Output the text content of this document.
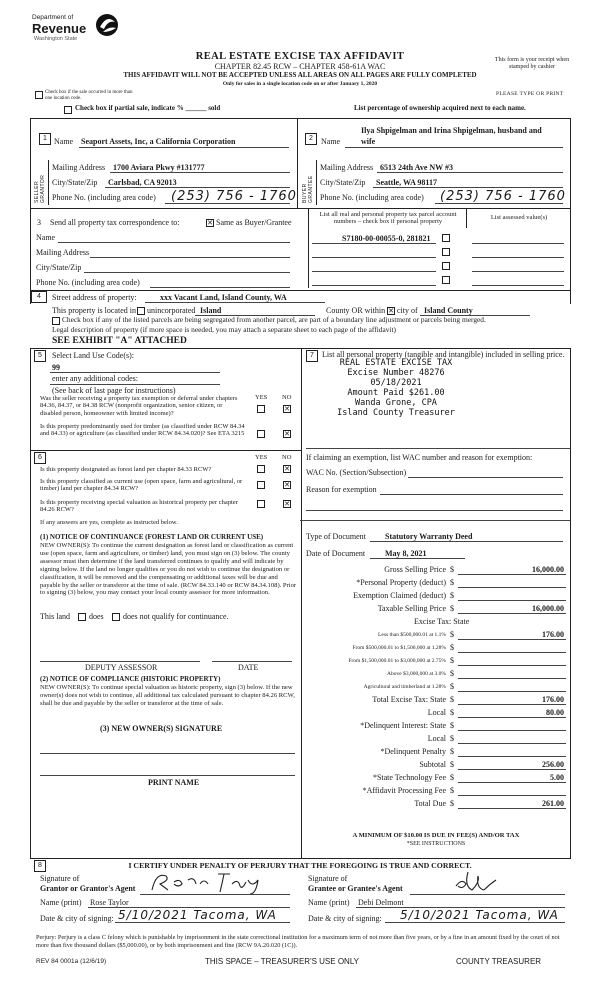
Department of
Revenue
Washington State
REAL ESTATE EXCISE TAX AFFIDAVIT
CHAPTER 82.45 RCW – CHAPTER 458-61A WAC
THIS AFFIDAVIT WILL NOT BE ACCEPTED UNLESS ALL AREAS ON ALL PAGES ARE FULLY COMPLETED
Only for sales in a single location code on or after January 1, 2020
This form is your receipt when stamped by cashier
PLEASE TYPE OR PRINT
Check box if the sale occurred in more than one location code.
Check box if partial sale, indicate % ______ sold	List percentage of ownership acquired next to each name.
SELLER GRANTOR
1 Name Seaport Assets, Inc, a California Corporation
Mailing Address 1700 Aviara Pkwy #131777
City/State/Zip Carlsbad, CA 92013
Phone No. (including area code) (253) 756 - 1760 BUYER GRANTEE
2	Name
Ilya Shpigelman and Irina Shpigelman, husband and
wife
Mailing Address 6513 24th Ave NW #3
City/State/Zip Seattle, WA 98117
Phone No. (including area code) (253) 756 - 1760
3 Send all property tax correspondence to:	✕ Same as Buyer/Grantee
Name
Mailing Address
City/State/Zip
Phone No. (including area code)
List all real and personal property tax parcel account numbers – check box if personal property
List assessed value(s)
S7180-00-00055-0, 281821
4	Street address of property:	xxx Vacant Land, Island County, WA
This property is located in unincorporated Island	County OR within ✕ city of Island County
Check box if any of the listed parcels are being segregated from another parcel, are part of a boundary line adjustment or parcels being merged.
Legal description of property (if more space is needed, you may attach a separate sheet to each page of the affidavit)
SEE EXHIBIT "A" ATTACHED
5	Select Land Use Code(s):
99
enter any additional codes:
(See back of last page for instructions)
YES NO
Was the seller receiving a property tax exemption or deferral under chapters 84.36, 84.37, or 84.38 RCW (nonprofit organization, senior citizen, or disabled person, homeowner with limited income)?
✕
Is this property predominantly used for timber (as classified under RCW 84.34 and 84.33) or agriculture (as classified under RCW 84.34.020)? See ETA 3215	✕
7	List all personal property (tangible and intangible) included in selling price.
REAL ESTATE EXCISE TAX
Excise Number 48276
05/18/2021
Amount Paid $261.00
Wanda Grone, CPA
Island County Treasurer
6	YES NO
Is this property designated as forest land per chapter 84.33 RCW?	✕
Is this property classified as current use (open space, farm and agricultural, or timber) land per chapter 84.34 RCW?	✕
Is this property receiving special valuation as historical property per chapter 84.26 RCW?
✕
If any answers are yes, complete as instructed below.
(1) NOTICE OF CONTINUANCE (FOREST LAND OR CURRENT USE)
NEW OWNER(S): To continue the current designation as forest land or classification as current use (open space, farm and agriculture, or timber) land, you must sign on (3) below. The county assessor must then determine if the land transferred continues to qualify and will indicate by signing below. If the land no longer qualifies or you do not wish to continue the designation or classification, it will be removed and the compensating or additional taxes will be due and payable by the seller or transferor at the time of sale. (RCW 84.33.140 or RCW 84.34.108). Prior to signing (3) below, you may contact your local county assessor for more information.
This land does does not qualify for continuance.
DEPUTY ASSESSOR	DATE
(2) NOTICE OF COMPLIANCE (HISTORIC PROPERTY)
NEW OWNER(S): To continue special valuation as historic property, sign (3) below. If the new owner(s) does not wish to continue, all additional tax calculated pursuant to chapter 84.26 RCW, shall be due and payable by the seller or transferor at the time of sale.
(3) NEW OWNER(S) SIGNATURE
PRINT NAME
If claiming an exemption, list WAC number and reason for exemption:
WAC No. (Section/Subsection)
Reason for exemption
Type of Document Statutory Warranty Deed
Date of Document May 8, 2021
Gross Selling Price $	16,000.00
*Personal Property (deduct) $
Exemption Claimed (deduct) $
Taxable Selling Price $	16,000.00
Excise Tax: State
Less than $500,000.01 at 1.1% $	176.00
From $500,000.01 to $1,500,000 at 1.28% $
From $1,500,000.01 to $3,000,000 at 2.75% $
Above $3,000,000 at 3.0% $
Agricultural and timberland at 1.28% $
Total Excise Tax: State $	176.00
Local $	80.00
*Delinquent Interest: State $
Local $
*Delinquent Penalty $
Subtotal $	256.00
*State Technology Fee $	5.00
*Affidavit Processing Fee $
Total Due $	261.00
A MINIMUM OF $10.00 IS DUE IN FEE(S) AND/OR TAX
*SEE INSTRUCTIONS
8	I CERTIFY UNDER PENALTY OF PERJURY THAT THE FOREGOING IS TRUE AND CORRECT.
Signature of
Grantor or Grantor's Agent
Name (print) Rose Taylor
Date & city of signing: 5/10/2021 Tacoma, WA
Signature of
Grantee or Grantee's Agent
Name (print) Debi Delmont
Date & city of signing: 5/10/2021 Tacoma, WA
Perjury: Perjury is a class C felony which is punishable by imprisonment in the state correctional institution for a maximum term of not more than five years, or by a fine in an amount fixed by the court of not more than five thousand dollars ($5,000.00), or by both imprisonment and fine (RCW 9A.20.020 (1C)).
REV 84 0001a (12/6/19)	THIS SPACE – TREASURER'S USE ONLY	COUNTY TREASURER
